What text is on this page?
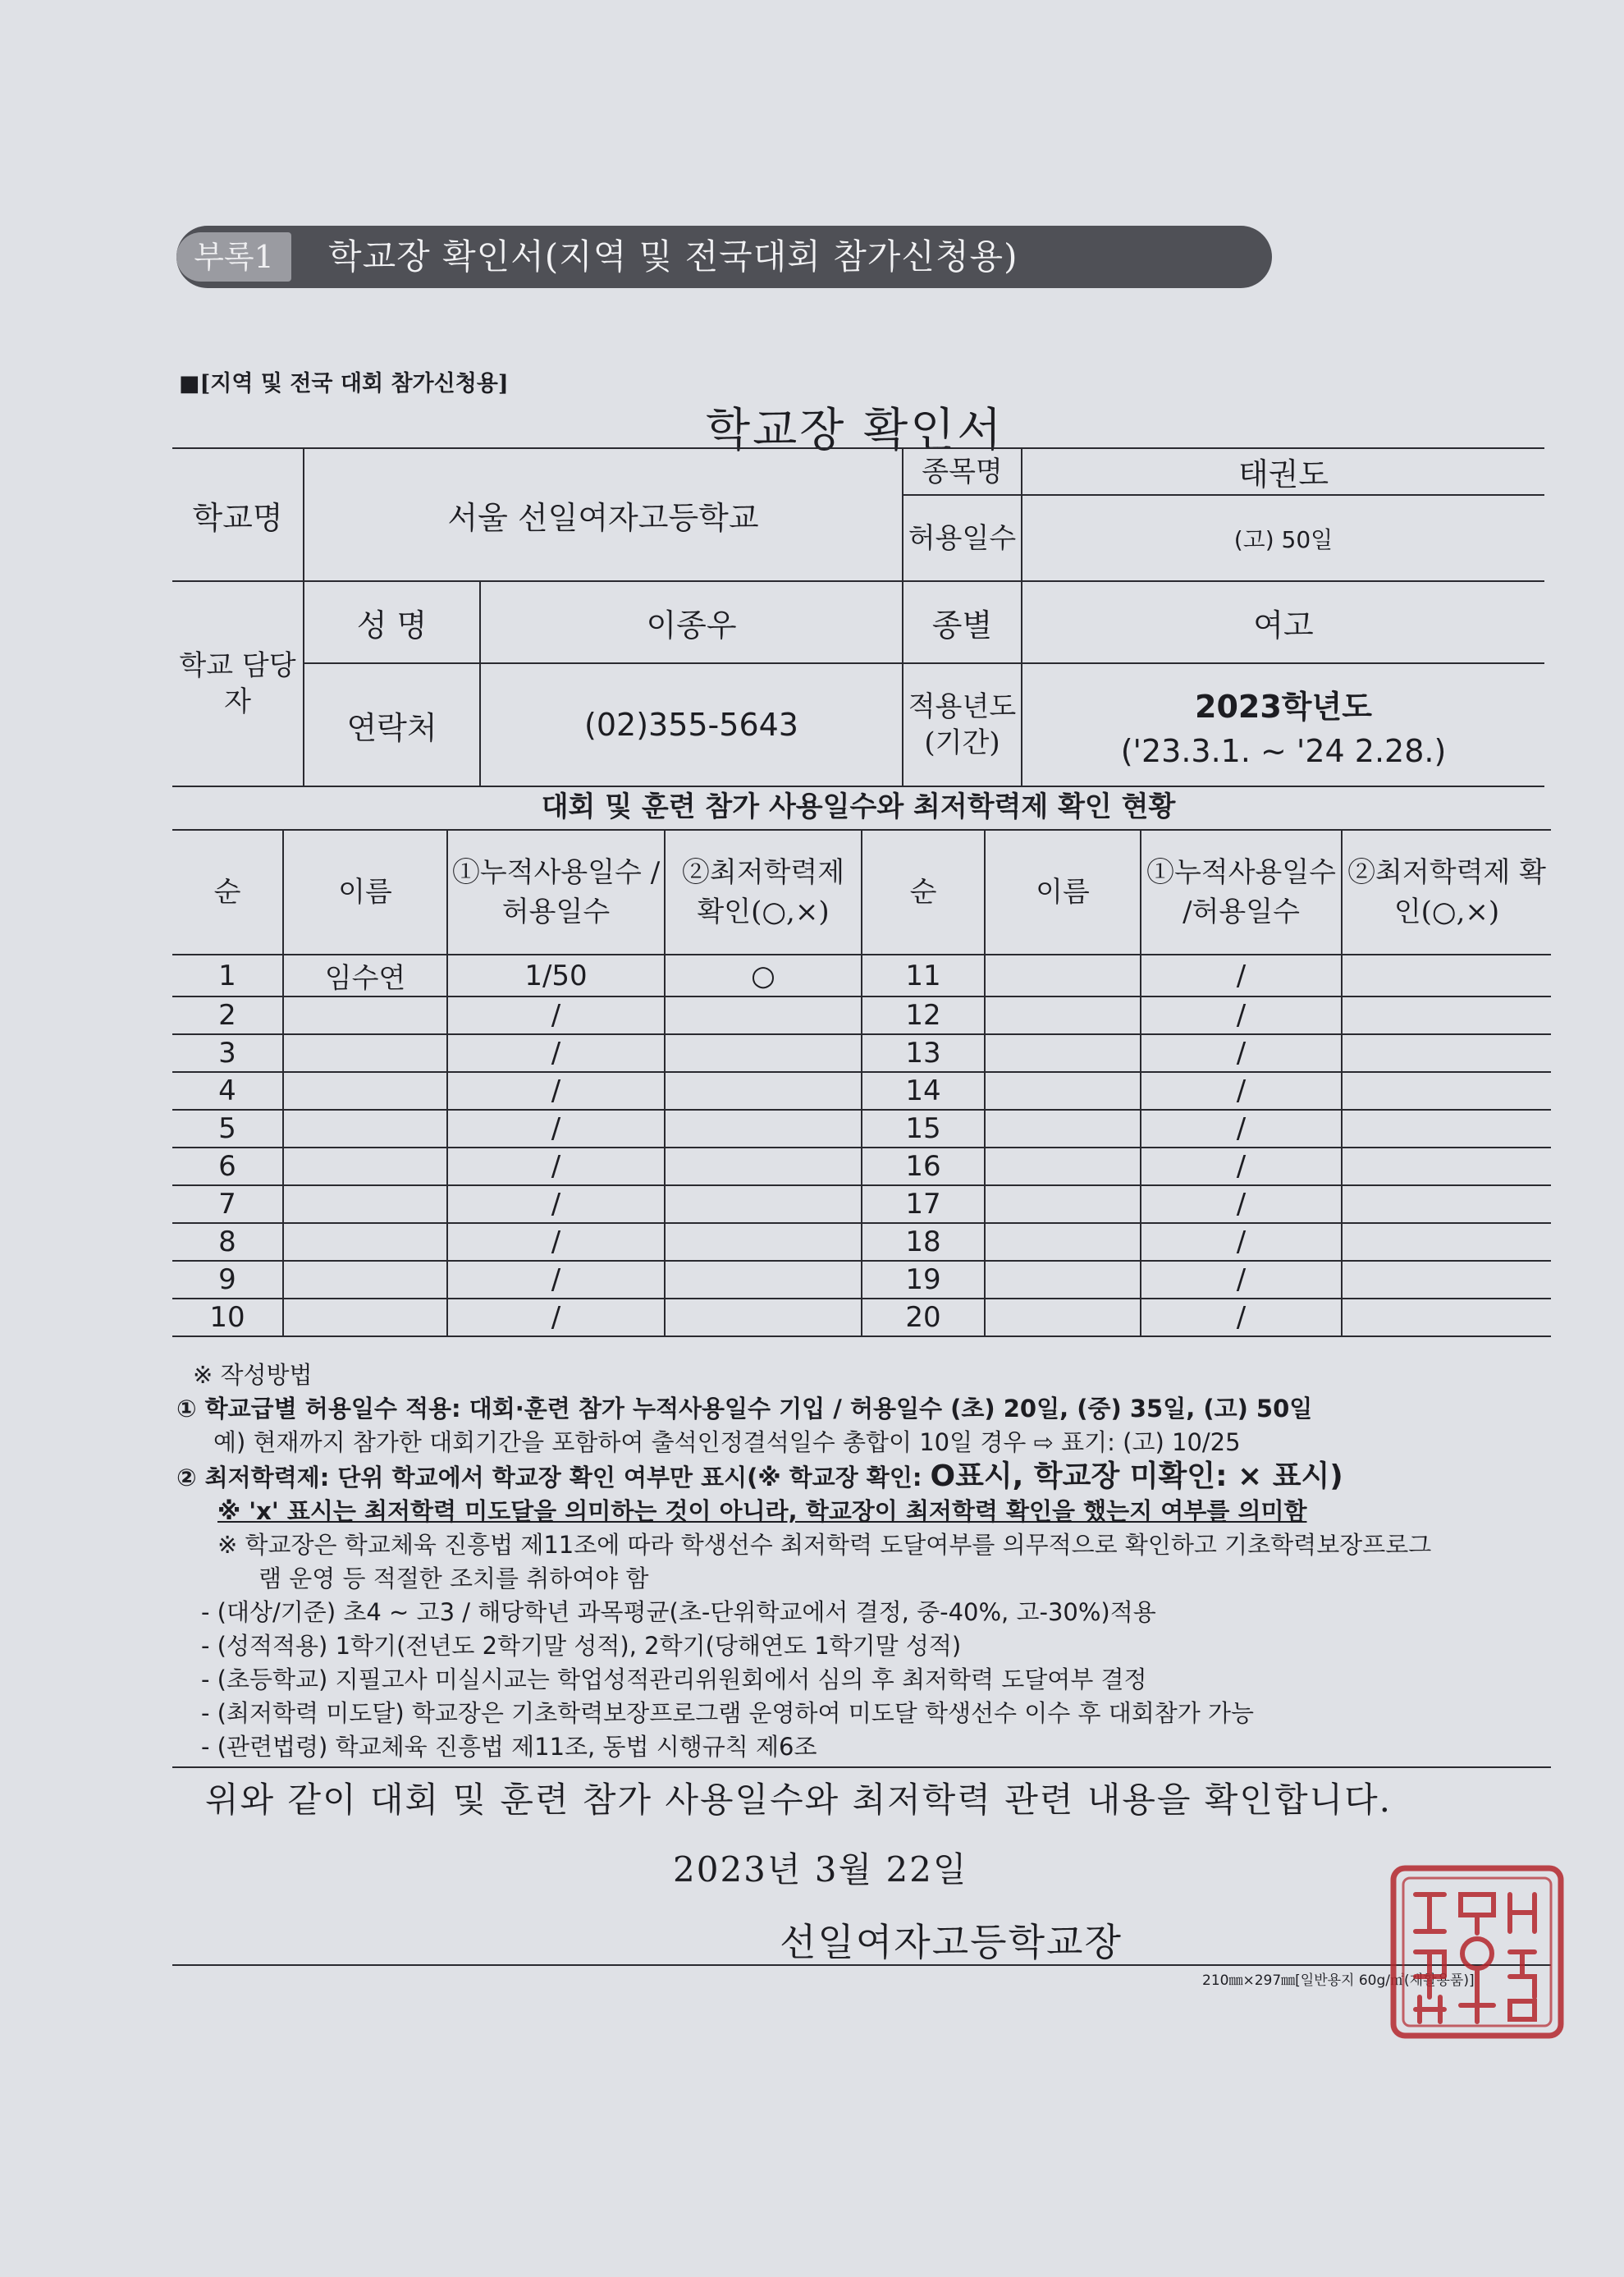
부록1	학교장 확인서(지역 및 전국대회 참가신청용)
■[지역 및 전국 대회 참가신청용]
학교장 확인서
학교명	서울 선일여자고등학교		종목명	태권도
			허용일수	(고) 50일
학교 담당자	성 명	이종우	종별	여고
	연락처	(02)355-5643	적용년도 (기간)	2023학년도
('23.3.1. ~ '24 2.28.)
대회 및 훈련 참가 사용일수와 최저학력제 확인 현황
순	이름	①누적사용일수 /허용일수	②최저학력제 확인(○,×)	순	이름	①누적사용일수 /허용일수	②최저학력제 확인(○,×)
1	임수연	1/50	○	11		/	
2		/		12		/	
3		/		13		/	
4		/		14		/	
5		/		15		/	
6		/		16		/	
7		/		17		/	
8		/		18		/	
9		/		19		/	
10		/		20		/	

※ 작성방법

① 학교급별 허용일수 적용: 대회·훈련 참가 누적사용일수 기입 / 허용일수 (초) 20일, (중) 35일, (고) 50일

예) 현재까지 참가한 대회기간을 포함하여 출석인정결석일수 총합이 10일 경우 ⇨ 표기: (고) 10/25

② 최저학력제: 단위 학교에서 학교장 확인 여부만 표시(※ 학교장 확인: O표시, 학교장 미확인: × 표시)

※ 'x' 표시는 최저학력 미도달을 의미하는 것이 아니라, 학교장이 최저학력 확인을 했는지 여부를 의미함

※ 학교장은 학교체육 진흥법 제11조에 따라 학생선수 최저학력 도달여부를 의무적으로 확인하고 기초학력보장프로그

램 운영 등 적절한 조치를 취하여야 함

- (대상/기준) 초4 ~ 고3 / 해당학년 과목평균(초-단위학교에서 결정, 중-40%, 고-30%)적용

- (성적적용) 1학기(전년도 2학기말 성적), 2학기(당해연도 1학기말 성적)

- (초등학교) 지필고사 미실시교는 학업성적관리위원회에서 심의 후 최저학력 도달여부 결정

- (최저학력 미도달) 학교장은 기초학력보장프로그램 운영하여 미도달 학생선수 이수 후 대회참가 가능

- (관련법령) 학교체육 진흥법 제11조, 동법 시행규칙 제6조

위와 같이 대회 및 훈련 참가 사용일수와 최저학력 관련 내용을 확인합니다.
2023년 3월 22일
선일여자고등학교장
210㎜×297㎜[일반용지 60g/㎡(재활용품)]
